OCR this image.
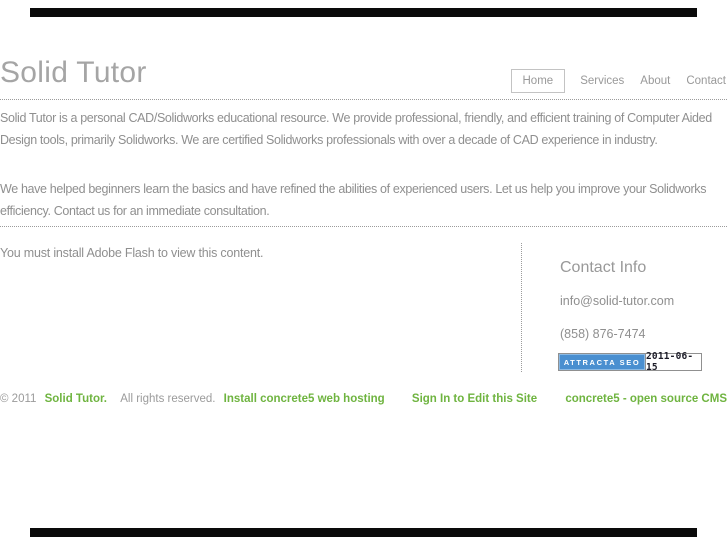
Solid Tutor	Home	Services	About	Contact
Solid Tutor is a personal CAD/Solidworks educational resource. We provide professional, friendly, and efficient training of Computer Aided Design tools, primarily Solidworks. We are certified Solidworks professionals with over a decade of CAD experience in industry.
We have helped beginners learn the basics and have refined the abilities of experienced users. Let us help you improve your Solidworks efficiency. Contact us for an immediate consultation.
You must install Adobe Flash to view this content.
Contact Info
info@solid-tutor.com
(858) 876-7474
ATTRACTA SEO 2011-06-15
© 2011 Solid Tutor. All rights reserved. Install concrete5 web hosting Sign In to Edit this Site concrete5 - open source CMS
